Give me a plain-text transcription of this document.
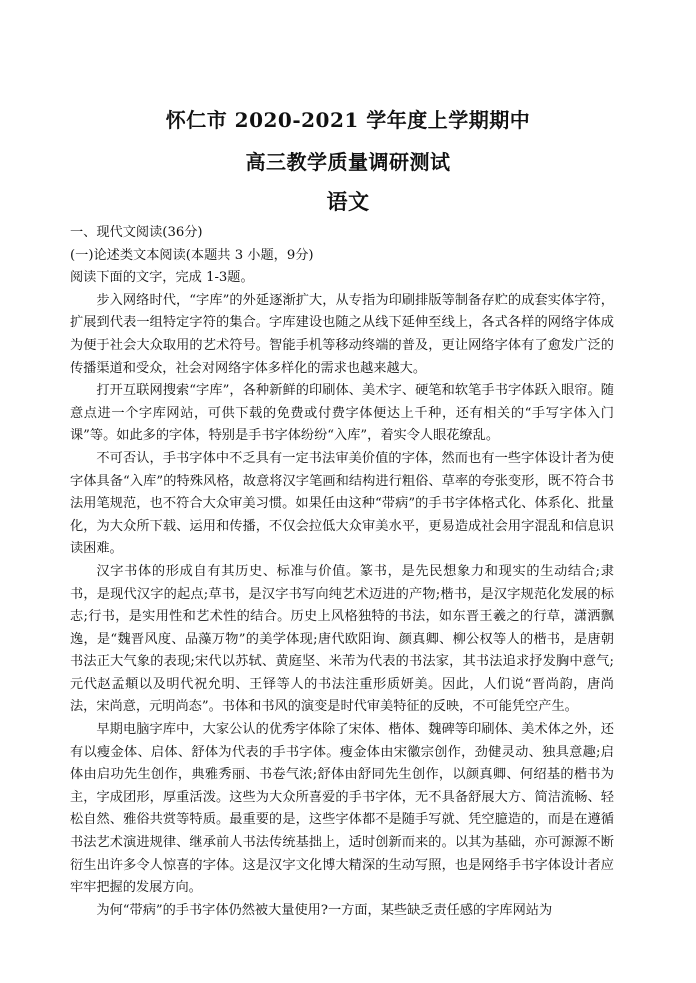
怀仁市 2020-2021 学年度上学期期中
高三教学质量调研测试
语文

一、现代文阅读(36分)

(一)论述类文本阅读(本题共 3 小题，9分)

阅读下面的文字，完成 1-3题。

步入网络时代，“字库”的外延逐渐扩大，从专指为印刷排版等制备存贮的成套实体字符，扩展到代表一组特定字符的集合。字库建设也随之从线下延伸至线上，各式各样的网络字体成为便于社会大众取用的艺术符号。智能手机等移动终端的普及，更让网络字体有了愈发广泛的传播渠道和受众，社会对网络字体多样化的需求也越来越大。

打开互联网搜索“字库”，各种新鲜的印刷体、美术字、硬笔和软笔手书字体跃入眼帘。随意点进一个字库网站，可供下载的免费或付费字体便达上千种，还有相关的“手写字体入门课”等。如此多的字体，特别是手书字体纷纷“入库”，着实令人眼花缭乱。

不可否认，手书字体中不乏具有一定书法审美价值的字体，然而也有一些字体设计者为使字体具备“入库”的特殊风格，故意将汉字笔画和结构进行粗俗、草率的夸张变形，既不符合书法用笔规范，也不符合大众审美习惯。如果任由这种“带病”的手书字体格式化、体系化、批量化，为大众所下载、运用和传播，不仅会拉低大众审美水平，更易造成社会用字混乱和信息识读困难。

汉字书体的形成自有其历史、标准与价值。篆书，是先民想象力和现实的生动结合;隶书，是现代汉字的起点;草书，是汉字书写向纯艺术迈进的产物;楷书，是汉字规范化发展的标志;行书，是实用性和艺术性的结合。历史上风格独特的书法，如东晋王羲之的行草，潇洒飘逸，是“魏晋风度、品藻万物”的美学体现;唐代欧阳询、颜真卿、柳公权等人的楷书，是唐朝书法正大气象的表现;宋代以苏轼、黄庭坚、米芾为代表的书法家，其书法追求抒发胸中意气;元代赵孟頫以及明代祝允明、王铎等人的书法注重形质妍美。因此，人们说“晋尚韵，唐尚法，宋尚意，元明尚态”。书体和书风的演变是时代审美特征的反映，不可能凭空产生。

早期电脑字库中，大家公认的优秀字体除了宋体、楷体、魏碑等印刷体、美术体之外，还有以瘦金体、启体、舒体为代表的手书字体。瘦金体由宋徽宗创作，劲健灵动、独具意趣;启体由启功先生创作，典雅秀丽、书卷气浓;舒体由舒同先生创作，以颜真卿、何绍基的楷书为主，字成团形，厚重活泼。这些为大众所喜爱的手书字体，无不具备舒展大方、简洁流畅、轻松自然、雅俗共赏等特质。最重要的是，这些字体都不是随手写就、凭空臆造的，而是在遵循书法艺术演进规律、继承前人书法传统基拙上，适时创新而来的。以其为基础，亦可源源不断衍生出许多令人惊喜的字体。这是汉字文化博大精深的生动写照，也是网络手书字体设计者应牢牢把握的发展方向。

为何“带病”的手书字体仍然被大量使用?一方面，某些缺乏责任感的字库网站为
